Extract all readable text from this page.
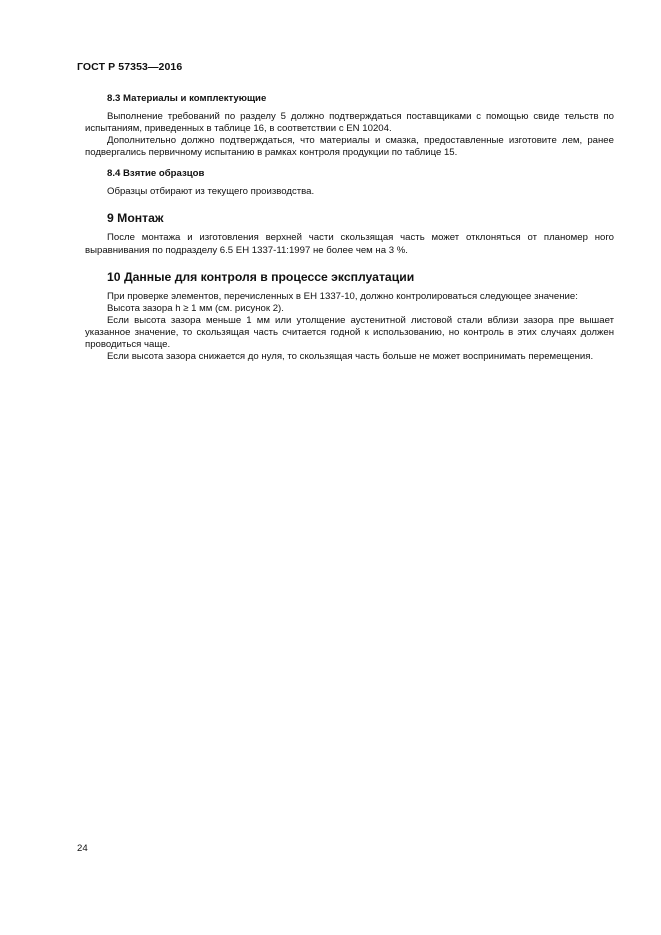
ГОСТ Р 57353—2016
8.3 Материалы и комплектующие

Выполнение требований по разделу 5 должно подтверждаться поставщиками с помощью свиде тельств по испытаниям, приведенных в таблице 16, в соответствии с EN 10204.

Дополнительно должно подтверждаться, что материалы и смазка, предоставленные изготовите лем, ранее подвергались первичному испытанию в рамках контроля продукции по таблице 15.

8.4 Взятие образцов

Образцы отбирают из текущего производства.

9 Монтаж

После монтажа и изготовления верхней части скользящая часть может отклоняться от планомер ного выравнивания по подразделу 6.5 ЕН 1337-11:1997 не более чем на 3 %.

10 Данные для контроля в процессе эксплуатации

При проверке элементов, перечисленных в ЕН 1337-10, должно контролироваться следующее значение:

Высота зазора h ≥ 1 мм (см. рисунок 2).

Если высота зазора меньше 1 мм или утолщение аустенитной листовой стали вблизи зазора пре вышает указанное значение, то скользящая часть считается годной к использованию, но контроль в этих случаях должен проводиться чаще.

Если высота зазора снижается до нуля, то скользящая часть больше не может воспринимать перемещения.

24
